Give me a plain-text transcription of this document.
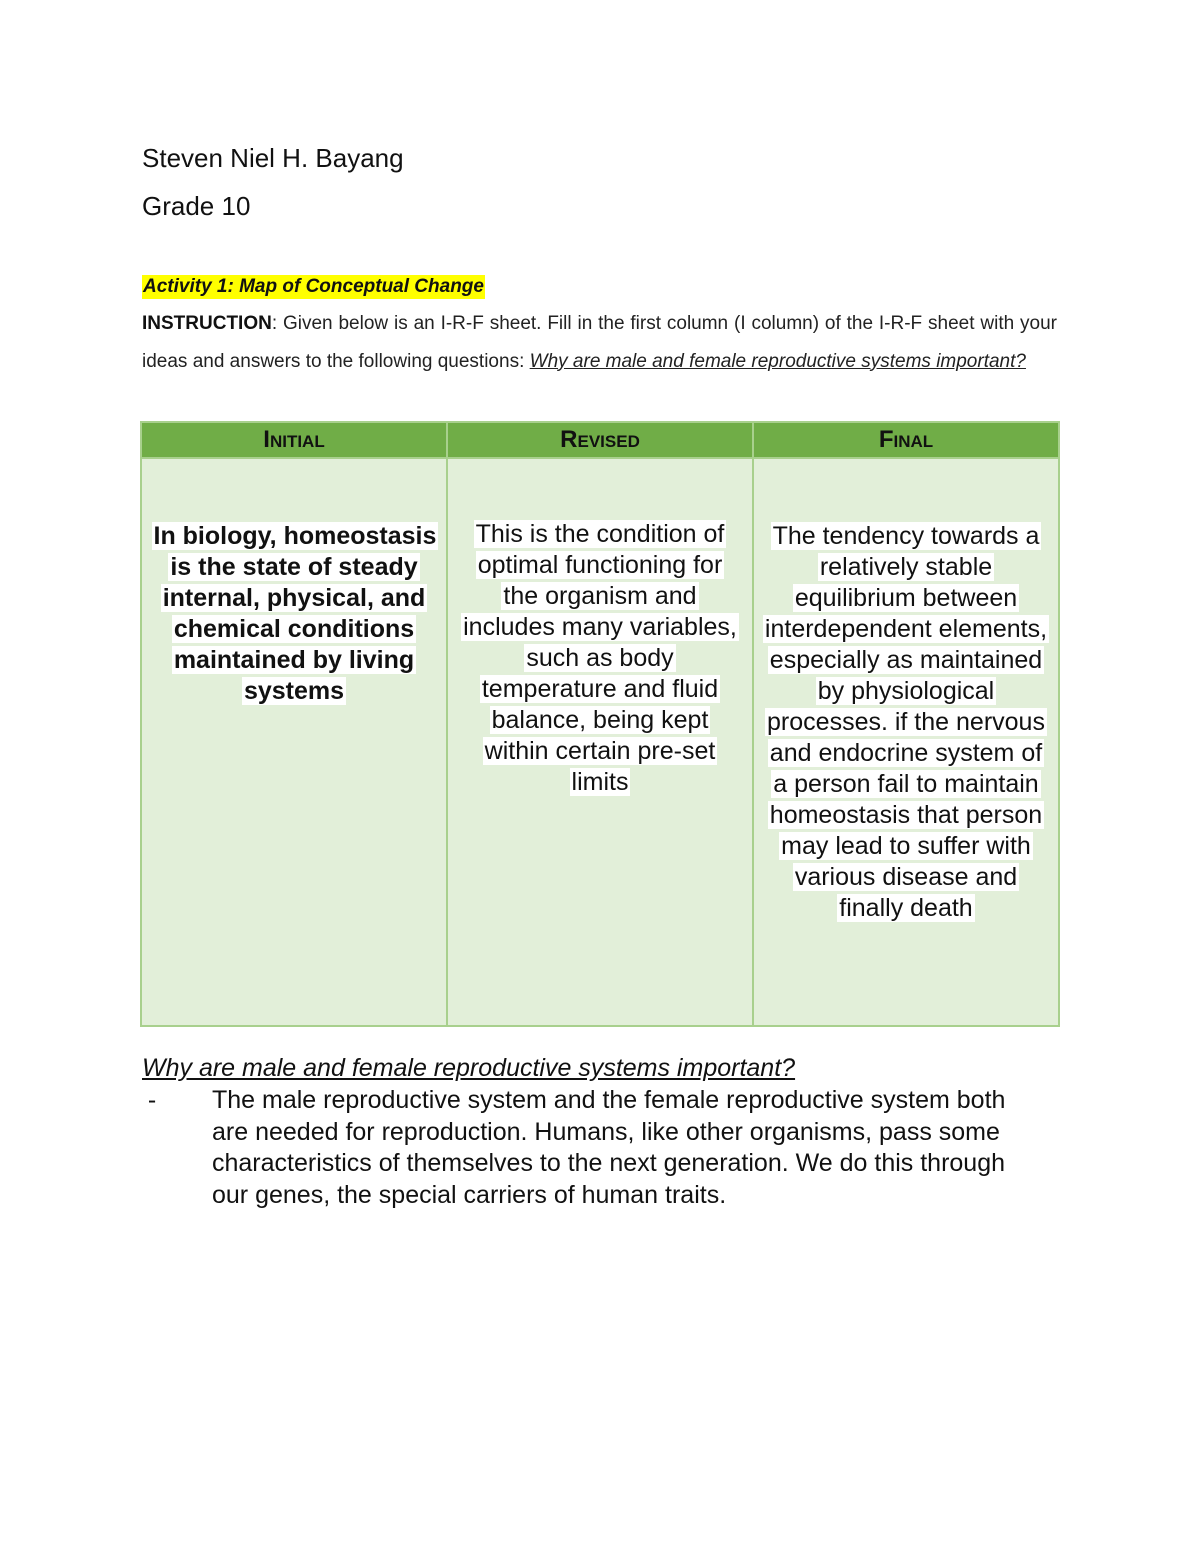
Steven Niel H. Bayang
Grade 10
Activity 1: Map of Conceptual Change
INSTRUCTION: Given below is an I-R-F sheet. Fill in the first column (I column) of the I-R-F sheet with your ideas and answers to the following questions: Why are male and female reproductive systems important?
INITIAL	REVISED	FINAL

In biology, homeostasis is the state of steady internal, physical, and chemical conditions maintained by living systems	This is the condition of optimal functioning for the organism and includes many variables, such as body temperature and fluid balance, being kept within certain pre-set limits	The tendency towards a relatively stable equilibrium between interdependent elements, especially as maintained by physiological processes. if the nervous and endocrine system of a person fail to maintain homeostasis that person may lead to suffer with various disease and finally death
Why are male and female reproductive systems important?
- The male reproductive system and the female reproductive system both are needed for reproduction. Humans, like other organisms, pass some characteristics of themselves to the next generation. We do this through our genes, the special carriers of human traits.
